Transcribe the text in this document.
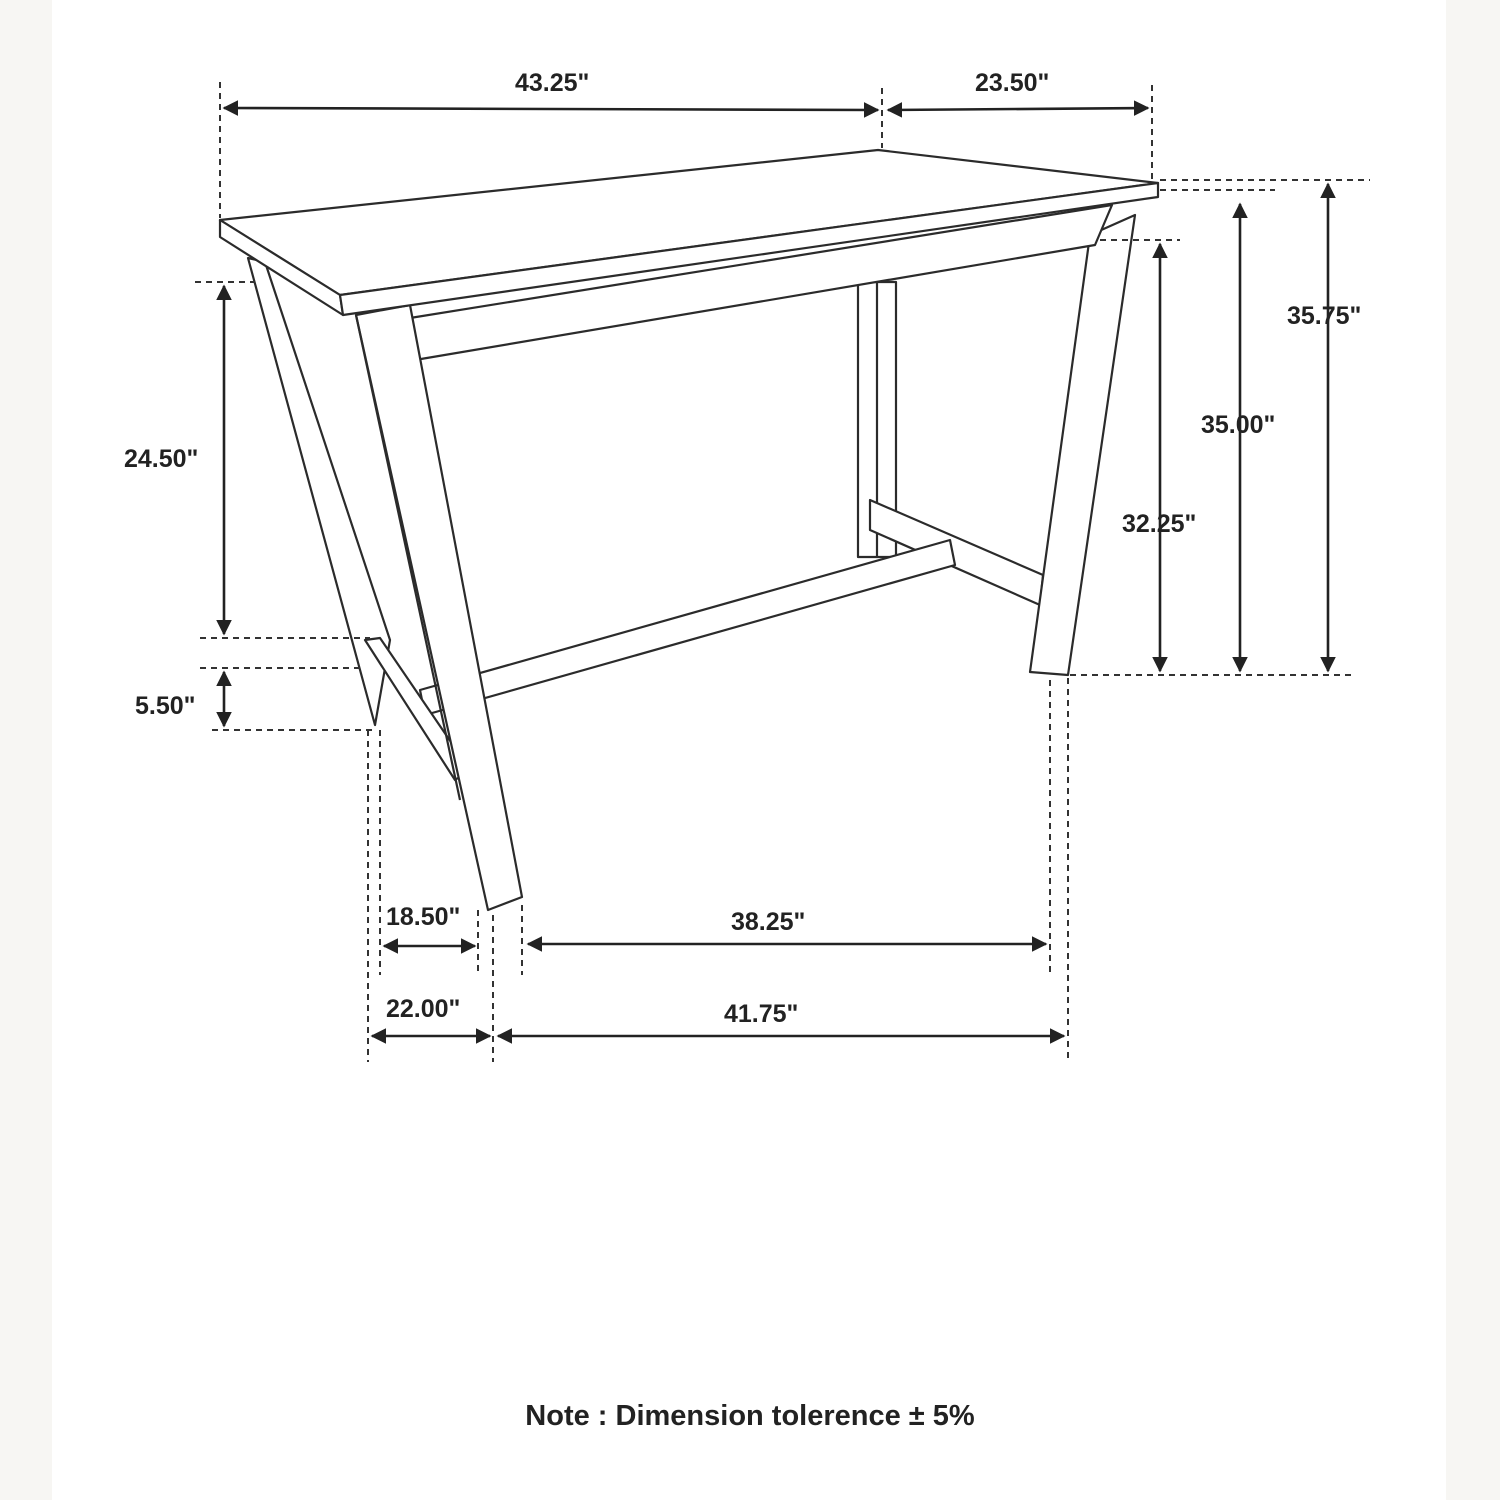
43.25"	23.50"
35.75"
35.00"
32.25"
24.50"
5.50"
18.50"	38.25"
22.00"	41.75"
Note : Dimension tolerence ± 5%
